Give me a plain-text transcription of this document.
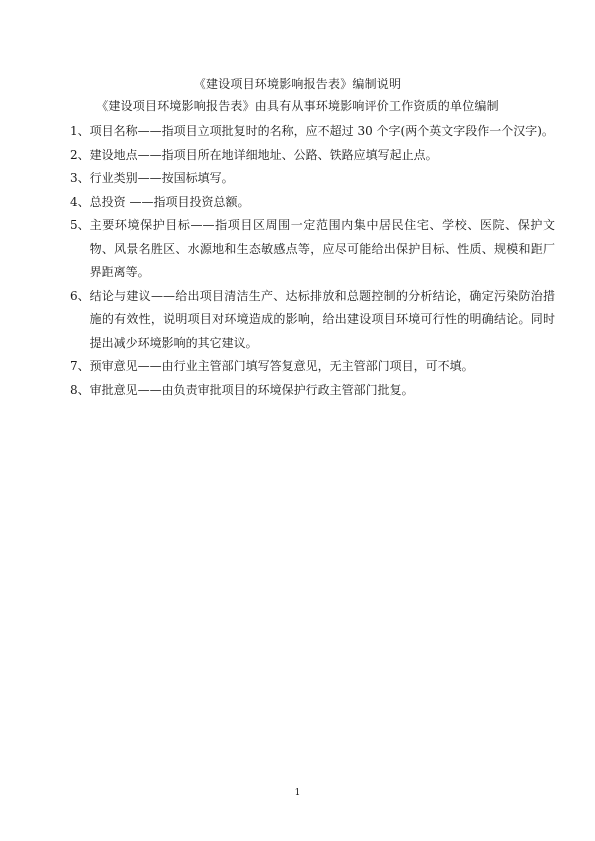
《建设项目环境影响报告表》编制说明
《建设项目环境影响报告表》由具有从事环境影响评价工作资质的单位编制
1、 项目名称——指项目立项批复时的名称，应不超过 30 个字(两个英文字段作一个汉字)。
2、 建设地点——指项目所在地详细地址、公路、铁路应填写起止点。
3、 行业类别——按国标填写。
4、 总投资 ——指项目投资总额。
5、 主要环境保护目标——指项目区周围一定范围内集中居民住宅、学校、医院、保护文物、风景名胜区、水源地和生态敏感点等，应尽可能给出保护目标、性质、规模和距厂界距离等。
6、 结论与建议——给出项目清洁生产、达标排放和总题控制的分析结论，确定污染防治措施的有效性，说明项目对环境造成的影响，给出建设项目环境可行性的明确结论。同时提出减少环境影响的其它建议。
7、 预审意见——由行业主管部门填写答复意见，无主管部门项目，可不填。
8、 审批意见——由负责审批项目的环境保护行政主管部门批复。
1
